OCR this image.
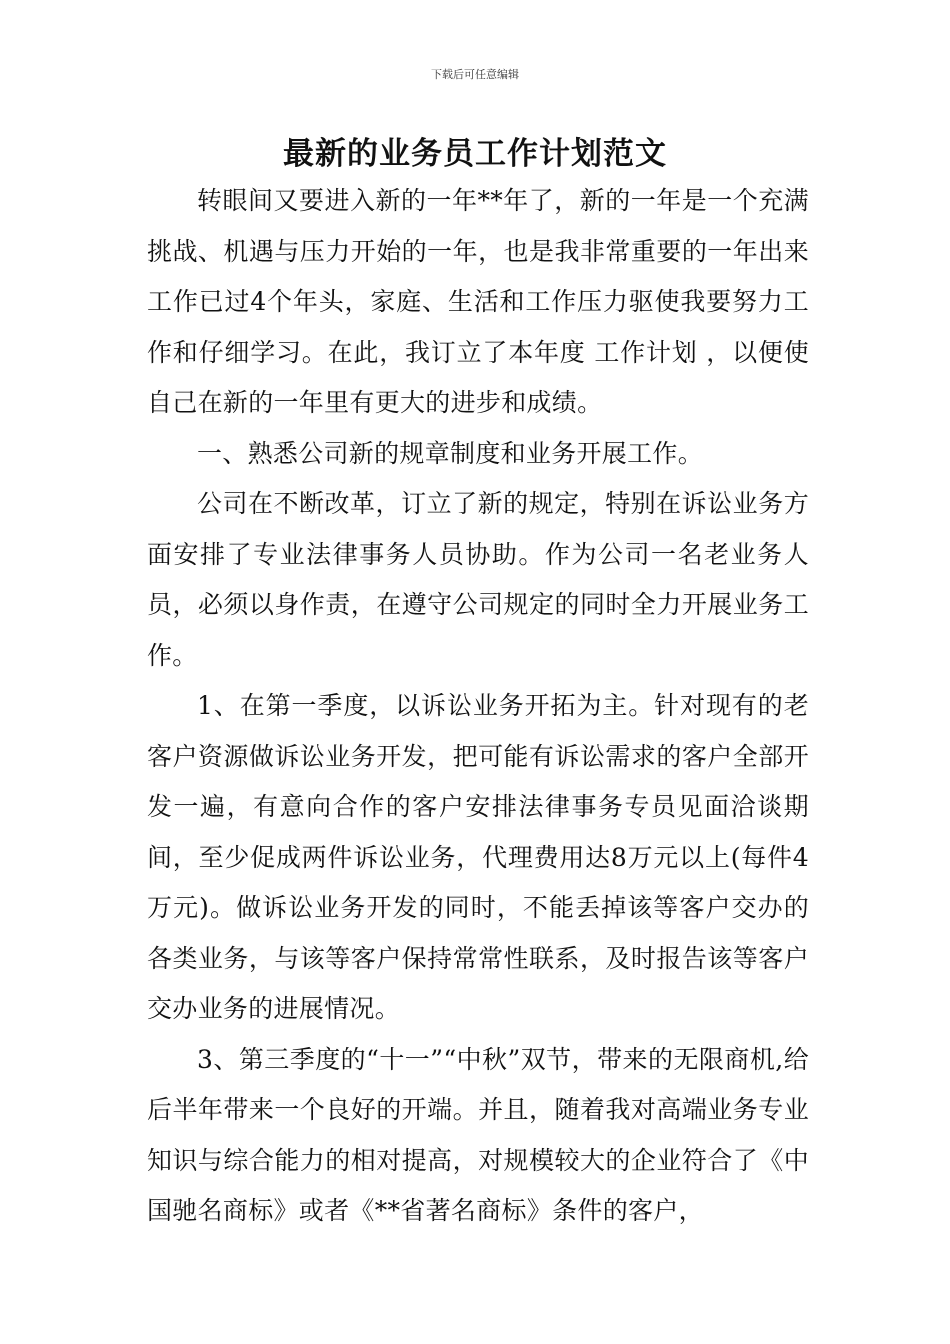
下载后可任意编辑
最新的业务员工作计划范文

转眼间又要进入新的一年**年了，新的一年是一个充满挑战、机遇与压力开始的一年，也是我非常重要的一年出来工作已过4个年头，家庭、生活和工作压力驱使我要努力工作和仔细学习。在此，我订立了本年度 工作计划 ，以便使自己在新的一年里有更大的进步和成绩。

一、熟悉公司新的规章制度和业务开展工作。

公司在不断改革，订立了新的规定，特别在诉讼业务方面安排了专业法律事务人员协助。作为公司一名老业务人员，必须以身作责，在遵守公司规定的同时全力开展业务工作。

1、在第一季度，以诉讼业务开拓为主。针对现有的老客户资源做诉讼业务开发，把可能有诉讼需求的客户全部开发一遍，有意向合作的客户安排法律事务专员见面洽谈期间，至少促成两件诉讼业务，代理费用达8万元以上(每件4万元)。做诉讼业务开发的同时，不能丢掉该等客户交办的各类业务，与该等客户保持常常性联系，及时报告该等客户交办业务的进展情况。

3、第三季度的“十一”“中秋”双节，带来的无限商机,给后半年带来一个良好的开端。并且，随着我对高端业务专业知识与综合能力的相对提高，对规模较大的企业符合了《中国驰名商标》或者《**省著名商标》条件的客户，
